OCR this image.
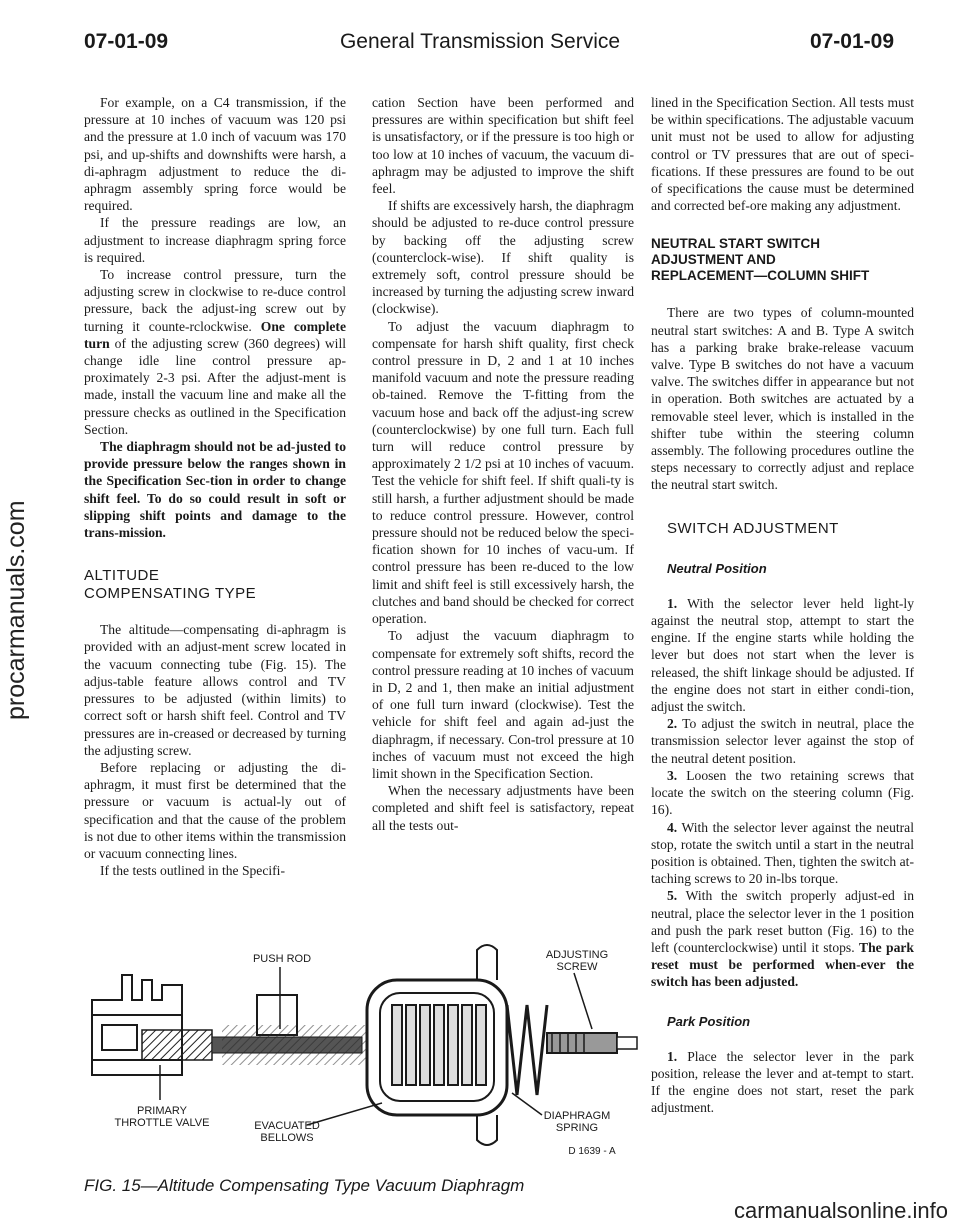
07-01-09	General Transmission Service	07-01-09
procarmanuals.com

For example, on a C4 transmission, if the pressure at 10 inches of vacuum was 120 psi and the pressure at 1.0 inch of vacuum was 170 psi, and up-shifts and downshifts were harsh, a di-aphragm adjustment to reduce the di-aphragm assembly spring force would be required.

If the pressure readings are low, an adjustment to increase diaphragm spring force is required.

To increase control pressure, turn the adjusting screw in clockwise to re-duce control pressure, back the adjust-ing screw out by turning it counte-rclockwise. One complete turn of the adjusting screw (360 degrees) will change idle line control pressure ap-proximately 2-3 psi. After the adjust-ment is made, install the vacuum line and make all the pressure checks as outlined in the Specification Section.

The diaphragm should not be ad-justed to provide pressure below the ranges shown in the Specification Sec-tion in order to change shift feel. To do so could result in soft or slipping shift points and damage to the trans-mission.

ALTITUDE
COMPENSATING TYPE

The altitude—compensating di-aphragm is provided with an adjust-ment screw located in the vacuum connecting tube (Fig. 15). The adjus-table feature allows control and TV pressures to be adjusted (within limits) to correct soft or harsh shift feel. Control and TV pressures are in-creased or decreased by turning the adjusting screw.

Before replacing or adjusting the di-aphragm, it must first be determined that the pressure or vacuum is actual-ly out of specification and that the cause of the problem is not due to other items within the transmission or vacuum connecting lines.

If the tests outlined in the Specifi-

cation Section have been performed and pressures are within specification but shift feel is unsatisfactory, or if the pressure is too high or too low at 10 inches of vacuum, the vacuum di-aphragm may be adjusted to improve the shift feel.

If shifts are excessively harsh, the diaphragm should be adjusted to re-duce control pressure by backing off the adjusting screw (counterclock-wise). If shift quality is extremely soft, control pressure should be increased by turning the adjusting screw inward (clockwise).

To adjust the vacuum diaphragm to compensate for harsh shift quality, first check control pressure in D, 2 and 1 at 10 inches manifold vacuum and note the pressure reading ob-tained. Remove the T-fitting from the vacuum hose and back off the adjust-ing screw (counterclockwise) by one full turn. Each full turn will reduce control pressure by approximately 2 1/2 psi at 10 inches of vacuum. Test the vehicle for shift feel. If shift quali-ty is still harsh, a further adjustment should be made to reduce control pressure. However, control pressure should not be reduced below the speci-fication shown for 10 inches of vacu-um. If control pressure has been re-duced to the low limit and shift feel is still excessively harsh, the clutches and band should be checked for correct operation.

To adjust the vacuum diaphragm to compensate for extremely soft shifts, record the control pressure reading at 10 inches of vacuum in D, 2 and 1, then make an initial adjustment of one full turn inward (clockwise). Test the vehicle for shift feel and again ad-just the diaphragm, if necessary. Con-trol pressure at 10 inches of vacuum must not exceed the high limit shown in the Specification Section.

When the necessary adjustments have been completed and shift feel is satisfactory, repeat all the tests out-

lined in the Specification Section. All tests must be within specifications. The adjustable vacuum unit must not be used to allow for adjusting control or TV pressures that are out of speci-fications. If these pressures are found to be out of specifications the cause must be determined and corrected bef-ore making any adjustment.

NEUTRAL START SWITCH
ADJUSTMENT AND
REPLACEMENT—COLUMN SHIFT

There are two types of column-mounted neutral start switches: A and B. Type A switch has a parking brake brake-release vacuum valve. Type B switches do not have a vacuum valve. The switches differ in appearance but not in operation. Both switches are actuated by a removable steel lever, which is installed in the shifter tube within the steering column assembly. The following procedures outline the steps necessary to correctly adjust and replace the neutral start switch.

SWITCH ADJUSTMENT
Neutral Position

1. With the selector lever held light-ly against the neutral stop, attempt to start the engine. If the engine starts while holding the lever but does not start when the lever is released, the shift linkage should be adjusted. If the engine does not start in either condi-tion, adjust the switch.

2. To adjust the switch in neutral, place the transmission selector lever against the stop of the neutral detent position.

3. Loosen the two retaining screws that locate the switch on the steering column (Fig. 16).

4. With the selector lever against the neutral stop, rotate the switch until a start in the neutral position is obtained. Then, tighten the switch at-taching screws to 20 in-lbs torque.

5. With the switch properly adjust-ed in neutral, place the selector lever in the 1 position and push the park reset button (Fig. 16) to the left (counterclockwise) until it stops. The park reset must be performed when-ever the switch has been adjusted.

Park Position

1. Place the selector lever in the park position, release the lever and at-tempt to start. If the engine does not start, reset the park adjustment.

PUSH ROD	ADJUSTING
SCREW
PRIMARY
THROTTLE VALVE	EVACUATED
BELLOWS
DIAPHRAGM
SPRING
D 1639 - A
FIG. 15—Altitude Compensating Type Vacuum Diaphragm
carmanualsonline.info
